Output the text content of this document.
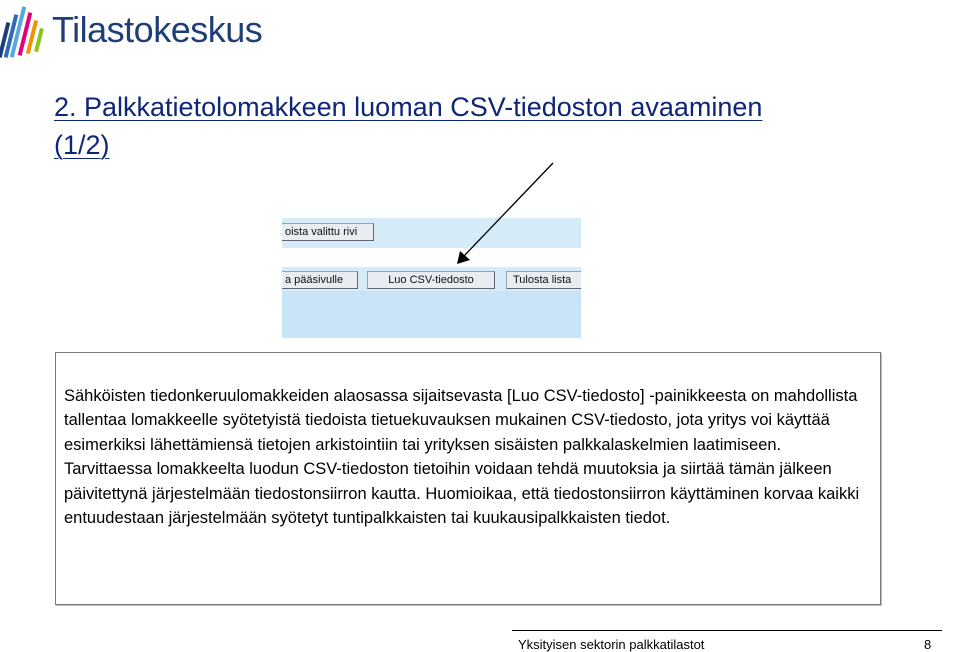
Tilastokeskus
2. Palkkatietolomakkeen luoman CSV-tiedoston avaaminen (1/2)
oista valittu rivi
a pääsivulle	Luo CSV-tiedosto	Tulosta lista
Sähköisten tiedonkeruulomakkeiden alaosassa sijaitsevasta [Luo CSV-tiedosto] -painikkeesta on mahdollista tallentaa lomakkeelle syötetyistä tiedoista tietuekuvauksen mukainen CSV-tiedosto, jota yritys voi käyttää esimerkiksi lähettämiensä tietojen arkistointiin tai yrityksen sisäisten palkkalaskelmien laatimiseen. Tarvittaessa lomakkeelta luodun CSV-tiedoston tietoihin voidaan tehdä muutoksia ja siirtää tämän jälkeen päivitettynä järjestelmään tiedostonsiirron kautta. Huomioikaa, että tiedostonsiirron käyttäminen korvaa kaikki entuudestaan järjestelmään syötetyt tuntipalkkaisten tai kuukausipalkkaisten tiedot.
Yksityisen sektorin palkkatilastot	8
